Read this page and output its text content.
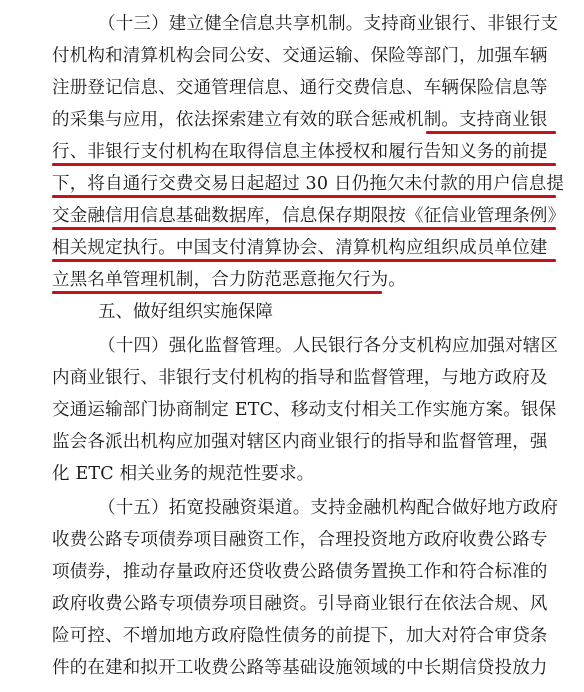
（十三）建立健全信息共享机制。支持商业银行、非银行支
付机构和清算机构会同公安、交通运输、保险等部门，加强车辆
注册登记信息、交通管理信息、通行交费信息、车辆保险信息等
的采集与应用，依法探索建立有效的联合惩戒机制。支持商业银
行、非银行支付机构在取得信息主体授权和履行告知义务的前提
下，将自通行交费交易日起超过 30 日仍拖欠未付款的用户信息提
交金融信用信息基础数据库，信息保存期限按《征信业管理条例》
相关规定执行。中国支付清算协会、清算机构应组织成员单位建
立黑名单管理机制，合力防范恶意拖欠行为。
五、做好组织实施保障
（十四）强化监督管理。人民银行各分支机构应加强对辖区
内商业银行、非银行支付机构的指导和监督管理，与地方政府及
交通运输部门协商制定 ETC、移动支付相关工作实施方案。银保
监会各派出机构应加强对辖区内商业银行的指导和监督管理，强
化 ETC 相关业务的规范性要求。
（十五）拓宽投融资渠道。支持金融机构配合做好地方政府
收费公路专项债券项目融资工作，合理投资地方政府收费公路专
项债券，推动存量政府还贷收费公路债务置换工作和符合标准的
政府收费公路专项债券项目融资。引导商业银行在依法合规、风
险可控、不增加地方政府隐性债务的前提下，加大对符合审贷条
件的在建和拟开工收费公路等基础设施领域的中长期信贷投放力
